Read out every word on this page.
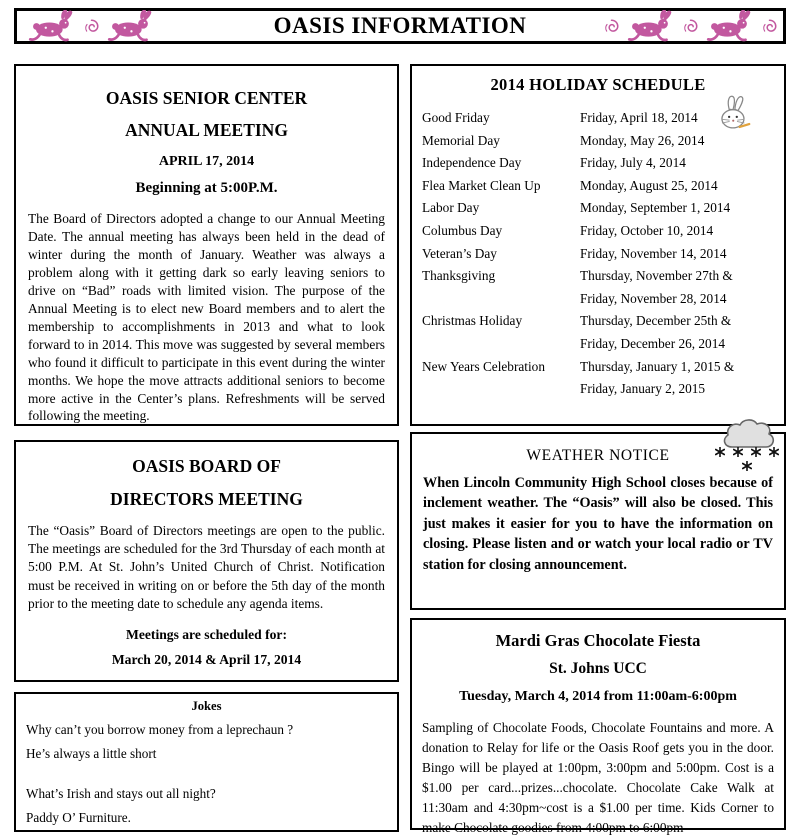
OASIS INFORMATION
OASIS SENIOR CENTER
ANNUAL MEETING
APRIL 17, 2014
Beginning at 5:00P.M.

The Board of Directors adopted a change to our Annual Meeting Date. The annual meeting has always been held in the dead of winter during the month of January. Weather was always a problem along with it getting dark so early leaving seniors to drive on “Bad” roads with limited vision. The purpose of the Annual Meeting is to elect new Board members and to alert the membership to accomplishments in 2013 and what to look forward to in 2014. This move was suggested by several members who found it difficult to participate in this event during the winter months. We hope the move attracts additional seniors to become more active in the Center’s plans. Refreshments will be served following the meeting.

OASIS BOARD OF
DIRECTORS MEETING

The “Oasis” Board of Directors meetings are open to the public. The meetings are scheduled for the 3rd Thursday of each month at 5:00 P.M. At St. John’s United Church of Christ. Notification must be received in writing on or before the 5th day of the month prior to the meeting date to schedule any agenda items.

Meetings are scheduled for:
March 20, 2014 & April 17, 2014
Jokes

Why can’t you borrow money from a leprechaun ?

He’s always a little short

What’s Irish and stays out all night?

Paddy O’ Furniture.

2014 HOLIDAY SCHEDULE
Good Friday	Friday, April 18, 2014
Memorial Day	Monday, May 26, 2014
Independence Day	Friday, July 4, 2014
Flea Market Clean Up	Monday, August 25, 2014
Labor Day	Monday, September 1, 2014
Columbus Day	Friday, October 10, 2014
Veteran’s Day	Friday, November 14, 2014
Thanksgiving	Thursday, November 27th &
Friday, November 28, 2014
Christmas Holiday	Thursday, December 25th &
Friday, December 26, 2014
New Years Celebration	Thursday, January 1, 2015 &
Friday, January 2, 2015
WEATHER NOTICE

When Lincoln Community High School closes because of inclement weather. The “Oasis” will also be closed. This just makes it easier for you to have the information on closing. Please listen and or watch your local radio or TV station for closing announcement.

Mardi Gras Chocolate Fiesta
St. Johns UCC
Tuesday, March 4, 2014 from 11:00am-6:00pm

Sampling of Chocolate Foods, Chocolate Fountains and more. A donation to Relay for life or the Oasis Roof gets you in the door. Bingo will be played at 1:00pm, 3:00pm and 5:00pm. Cost is a $1.00 per card...prizes...chocolate. Chocolate Cake Walk at 11:30am and 4:30pm~cost is a $1.00 per time. Kids Corner to make Chocolate goodies from 4:00pm to 6:00pm
